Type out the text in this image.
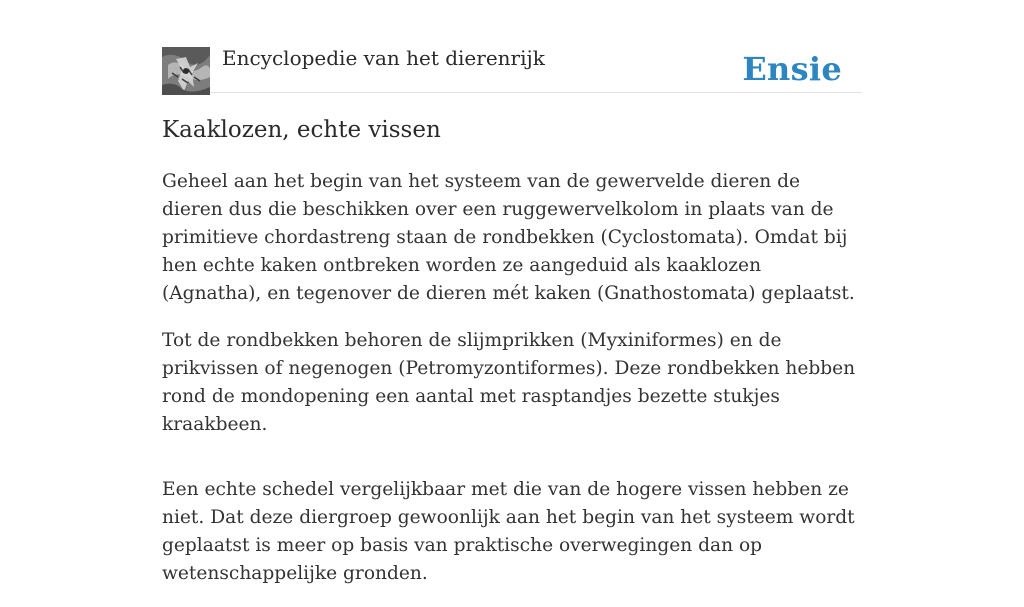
Encyclopedie van het dierenrijk	Ensie
Kaaklozen, echte vissen

Geheel aan het begin van het systeem van de gewervelde dieren de dieren dus die beschikken over een ruggewervelkolom in plaats van de primitieve chordastreng staan de rondbekken (Cyclostomata). Omdat bij hen echte kaken ontbreken worden ze aangeduid als kaaklozen (Agnatha), en tegenover de dieren mét kaken (Gnathostomata) geplaatst.

Tot de rondbekken behoren de slijmprikken (Myxiniformes) en de prikvissen of negenogen (Petromyzontiformes). Deze rondbekken hebben rond de mondopening een aantal met rasptandjes bezette stukjes kraakbeen.

Een echte schedel vergelijkbaar met die van de hogere vissen hebben ze niet. Dat deze diergroep gewoonlijk aan het begin van het systeem wordt geplaatst is meer op basis van praktische overwegingen dan op wetenschappelijke gronden.
